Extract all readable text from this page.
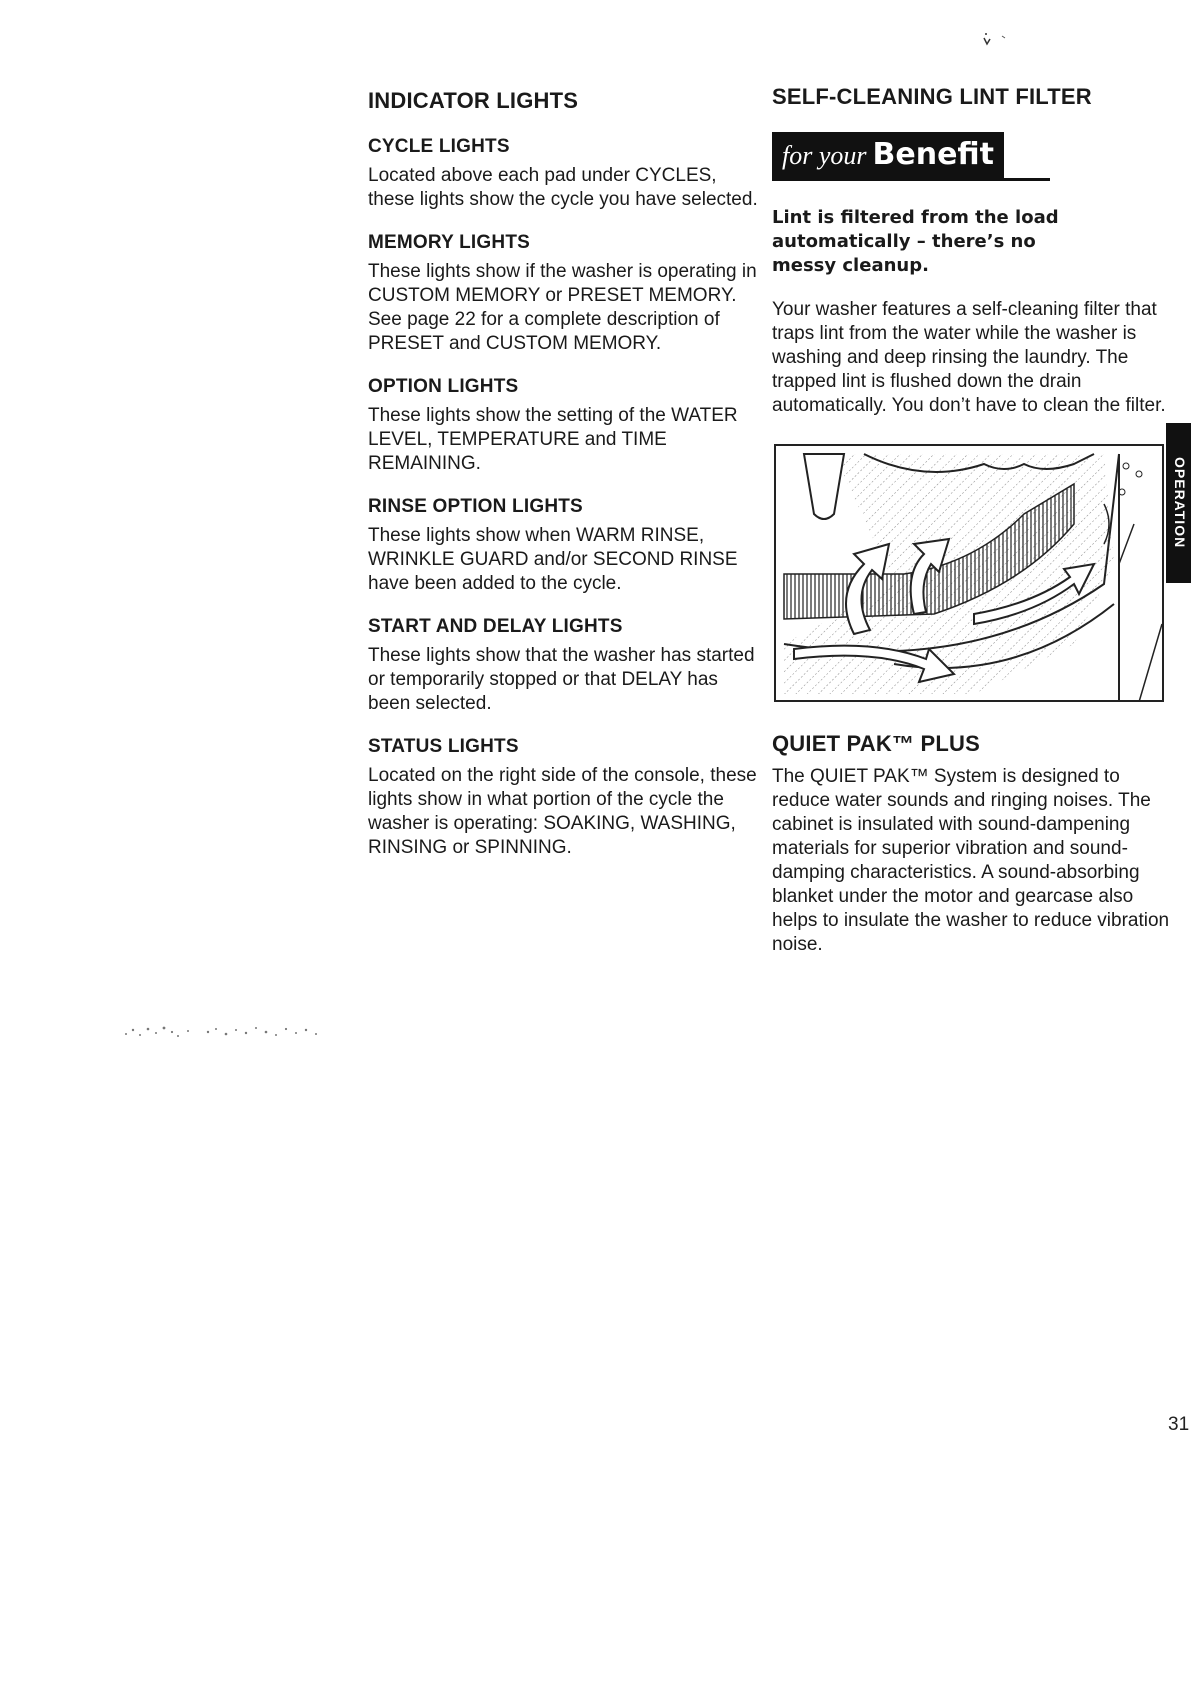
INDICATOR LIGHTS
CYCLE LIGHTS
Located above each pad under CYCLES, these lights show the cycle you have selected.
MEMORY LIGHTS
These lights show if the washer is operating in CUSTOM MEMORY or PRESET MEMORY. See page 22 for a complete description of PRESET and CUSTOM MEMORY.
OPTION LIGHTS
These lights show the setting of the WATER LEVEL, TEMPERATURE and TIME REMAINING.
RINSE OPTION LIGHTS
These lights show when WARM RINSE, WRINKLE GUARD and/or SECOND RINSE have been added to the cycle.
START AND DELAY LIGHTS
These lights show that the washer has started or temporarily stopped or that DELAY has been selected.
STATUS LIGHTS
Located on the right side of the console, these lights show in what portion of the cycle the washer is operating: SOAKING, WASHING, RINSING or SPINNING.
SELF-CLEANING LINT FILTER
for your Benefit
Lint is filtered from the load automatically – there’s no messy cleanup.
Your washer features a self-cleaning filter that traps lint from the water while the washer is washing and deep rinsing the laundry. The trapped lint is flushed down the drain automatically. You don’t have to clean the filter.
QUIET PAK™ PLUS
The QUIET PAK™ System is designed to reduce water sounds and ringing noises. The cabinet is insulated with sound-dampening materials for superior vibration and sound-damping characteristics. A sound-absorbing blanket under the motor and gearcase also helps to insulate the washer to reduce vibration noise.
OPERATION
31
